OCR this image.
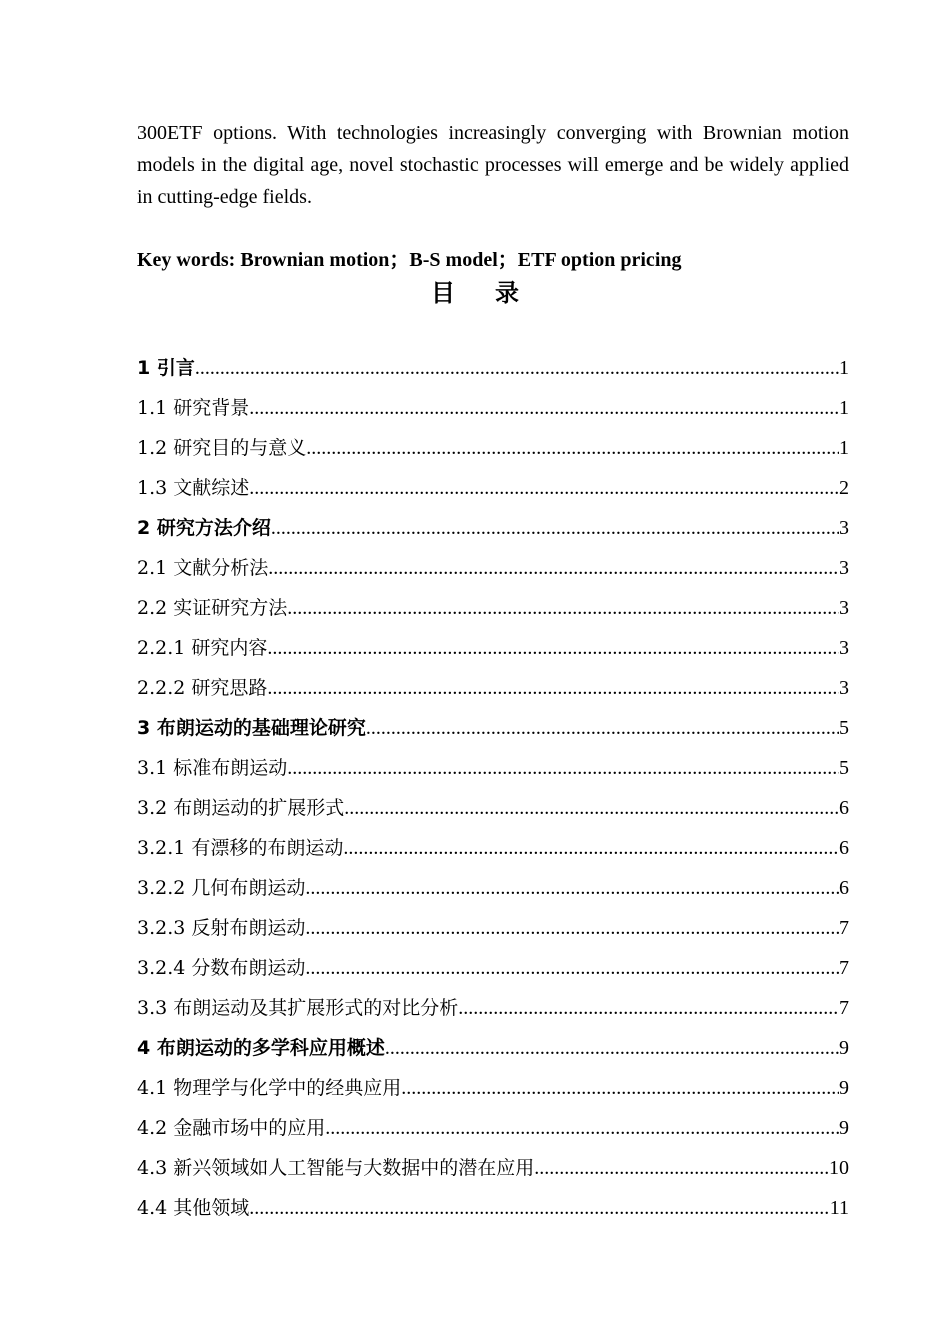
300ETF options. With technologies increasingly converging with Brownian motion models in the digital age, novel stochastic processes will emerge and be widely applied in cutting-edge fields.

Key words: Brownian motion；B-S model；ETF option pricing
目 录
1 引言 .....	1
1.1 研究背景 .....	1
1.2 研究目的与意义 .....	1
1.3 文献综述 .....	2
2 研究方法介绍 .....	3
2.1 文献分析法 .....	3
2.2 实证研究方法 .....	3
2.2.1 研究内容 .....	3
2.2.2 研究思路 .....	3
3 布朗运动的基础理论研究 .....	5
3.1 标准布朗运动 .....	5
3.2 布朗运动的扩展形式 .....	6
3.2.1 有漂移的布朗运动 .....	6
3.2.2 几何布朗运动 .....	6
3.2.3 反射布朗运动 .....	7
3.2.4 分数布朗运动 .....	7
3.3 布朗运动及其扩展形式的对比分析 .....	7
4 布朗运动的多学科应用概述 .....	9
4.1 物理学与化学中的经典应用 .....	9
4.2 金融市场中的应用 .....	9
4.3 新兴领域如人工智能与大数据中的潜在应用 .....	10
4.4 其他领域 .....	11
